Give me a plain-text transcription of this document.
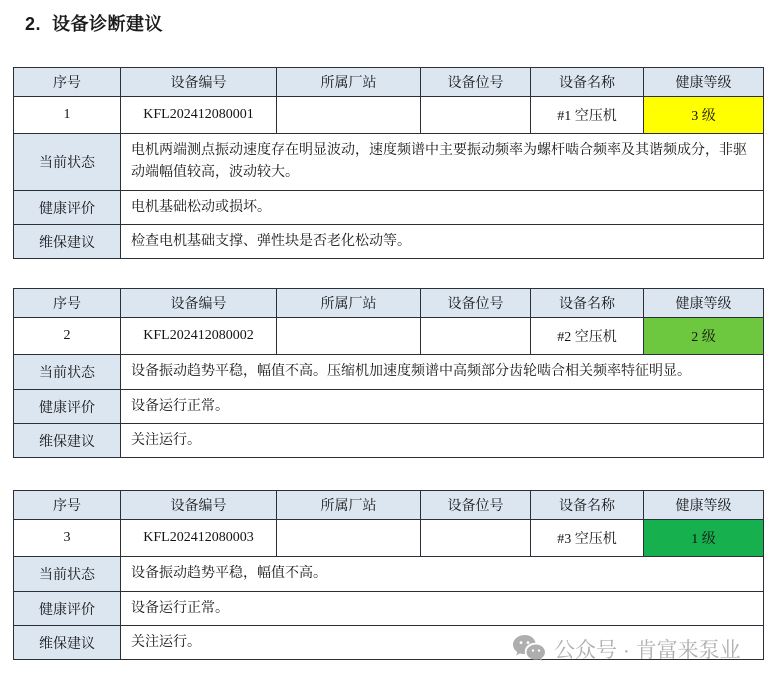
2.  设备诊断建议
序号	设备编号	所属厂站	设备位号	设备名称	健康等级
1	KFL202412080001			#1 空压机	3 级
当前状态	电机两端测点振动速度存在明显波动，速度频谱中主要振动频率为螺杆啮合频率及其谐频成分，非驱动端幅值较高，波动较大。				
健康评价	电机基础松动或损坏。				
维保建议	检查电机基础支撑、弹性块是否老化松动等。				
序号	设备编号	所属厂站	设备位号	设备名称	健康等级
2	KFL202412080002			#2 空压机	2 级
当前状态	设备振动趋势平稳，幅值不高。压缩机加速度频谱中高频部分齿轮啮合相关频率特征明显。				
健康评价	设备运行正常。				
维保建议	关注运行。				
序号	设备编号	所属厂站	设备位号	设备名称	健康等级
3	KFL202412080003			#3 空压机	1 级
当前状态	设备振动趋势平稳，幅值不高。				
健康评价	设备运行正常。				
维保建议	关注运行。					公众号 · 肯富来泵业
